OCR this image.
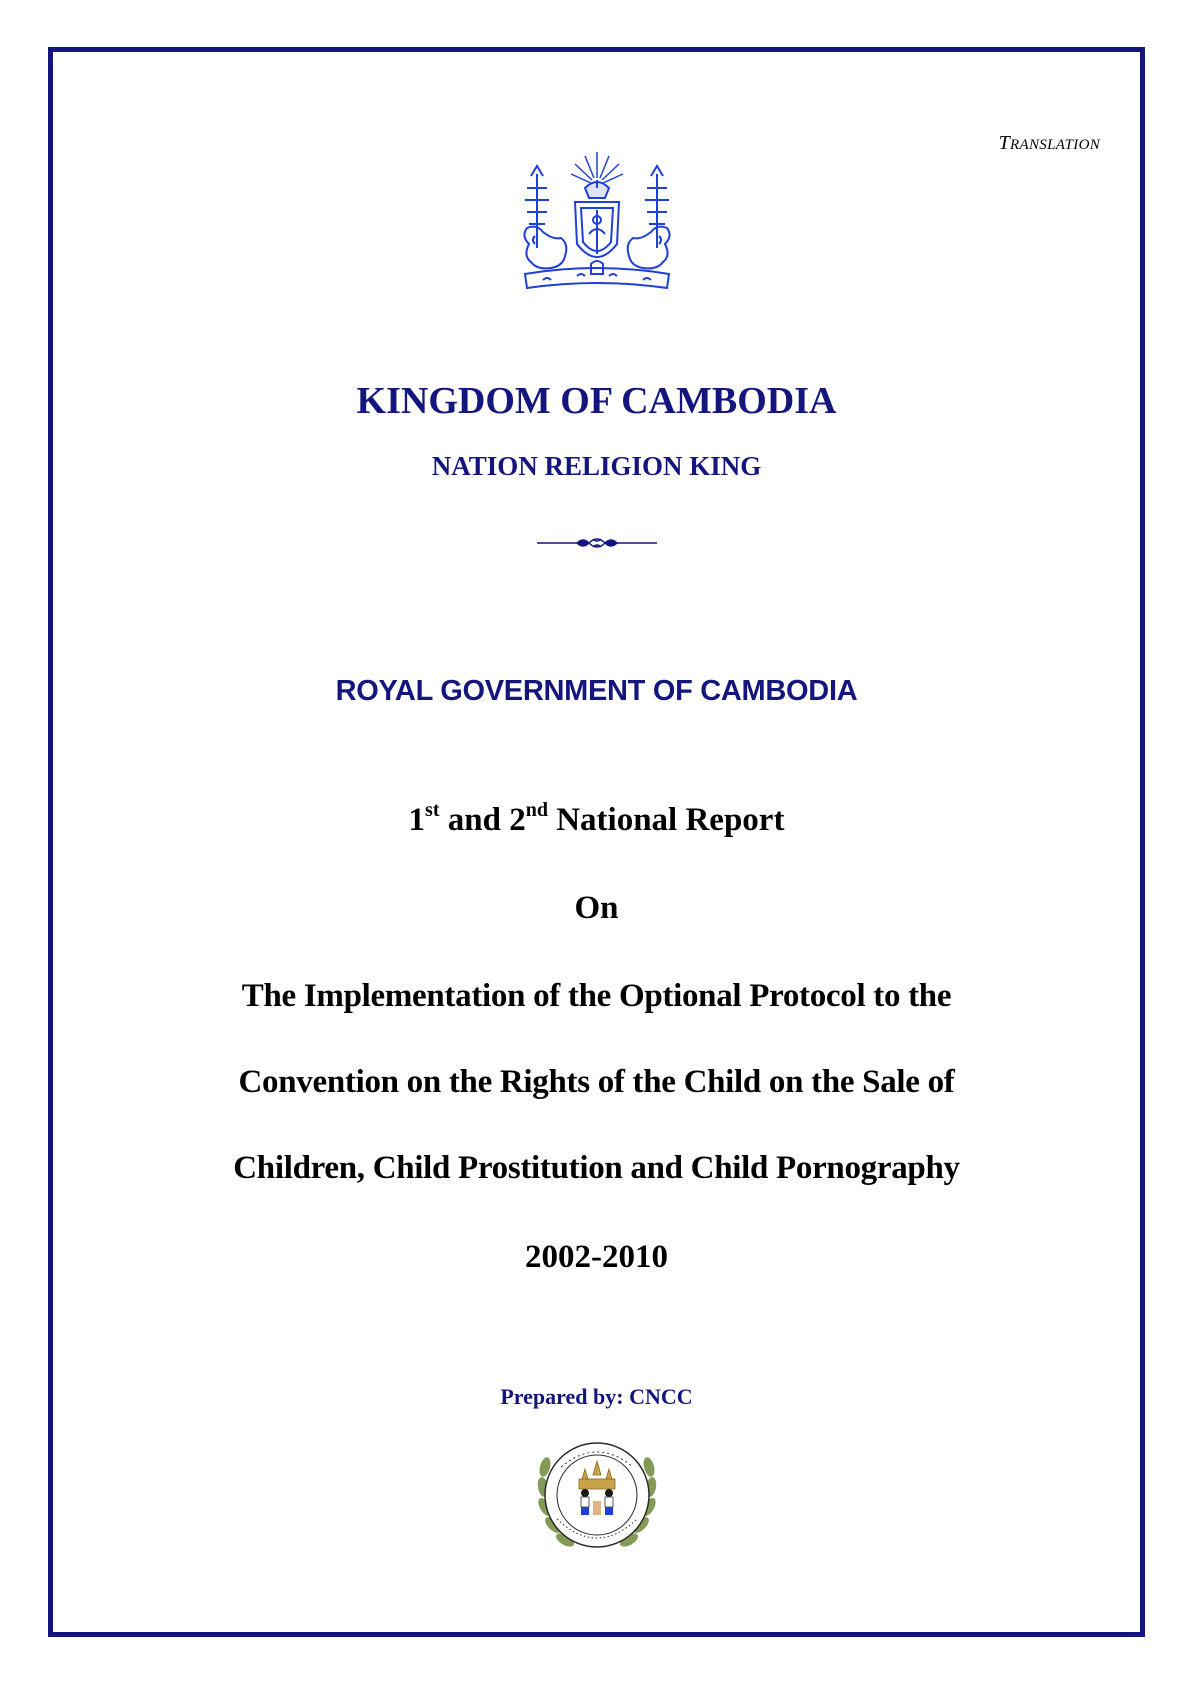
TRANSLATION
KINGDOM OF CAMBODIA
NATION RELIGION KING
ROYAL GOVERNMENT OF CAMBODIA
1st and 2nd National Report
On
The Implementation of the Optional Protocol to the
Convention on the Rights of the Child on the Sale of
Children, Child Prostitution and Child Pornography
2002-2010
Prepared by: CNCC
